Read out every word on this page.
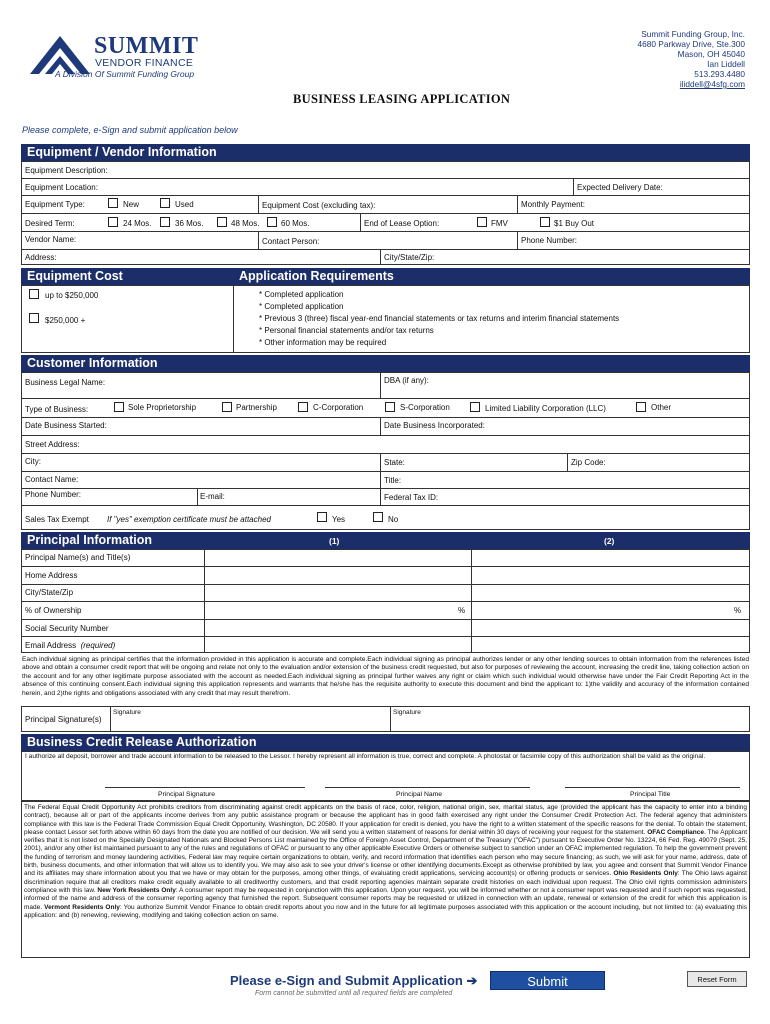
SUMMIT
VENDOR FINANCE
A Division Of Summit Funding Group
Summit Funding Group, Inc.
4680 Parkway Drive, Ste.300
Mason, OH 45040
Ian Liddell
513.293.4480
iliddell@4sfg.com
BUSINESS LEASING APPLICATION
Please complete, e-Sign and submit application below
Equipment / Vendor Information
Equipment Description:
Equipment Location:	Expected Delivery Date:
Equipment Type:	New	Used	Equipment Cost (excluding tax):	Monthly Payment:
Desired Term:	24 Mos.	36 Mos.	48 Mos.	60 Mos.	End of Lease Option:	FMV	$1 Buy Out
Vendor Name:	Contact Person:	Phone Number:
Address:	City/State/Zip:
Equipment Cost	Application Requirements
up to $250,000
$250,000 +
* Completed application
* Completed application
* Previous 3 (three) fiscal year-end financial statements or tax returns and interim financial statements
* Personal financial statements and/or tax returns
* Other information may be required
Customer Information
Business Legal Name:	DBA (if any):
Type of Business:	Sole Proprietorship	Partnership	C-Corporation	S-Corporation	Limited Liability Corporation (LLC)	Other
Date Business Started:	Date Business Incorporated:
Street Address:
City:	State:	Zip Code:
Contact Name:	Title:
Phone Number:	E-mail:	Federal Tax ID:
Sales Tax Exempt If "yes" exemption certificate must be attached	Yes	No
Principal Information	(1)	(2)
Principal Name(s) and Title(s)
Home Address
City/State/Zip
% of Ownership	%	%
Social Security Number
Email Address (required)
Each individual signing as principal certifies that the information provided in this application is accurate and complete.Each individual signing as principal authorizes lender or any other lending sources to obtain information from the references listed above and obtain a consumer credit report that will be ongoing and relate not only to the evaluation and/or extension of the business credit requested, but also for purposes of reviewing the account, increasing the credit line, taking collection action on the account and for any other legitimate purpose associated with the account as needed.Each individual signing as principal further waives any right or claim which such individual would otherwise have under the Fair Credit Reporting Act in the absence of this continuing consent.Each individual signing this application represents and warrants that he/she has the requisite authority to execute this document and bind the applicant to: 1)the validity and accuracy of the information contained herein, and 2)the rights and obligations associated with any credit that may result therefrom.
Principal Signature(s)
Signature	Signature
Business Credit Release Authorization
I authorize all deposit, borrower and trade account information to be released to the Lessor. I hereby represent all information is true, correct and complete. A photostat or facsimile copy of this authorization shall be valid as the original.
Principal Signature	Principal Name	Principal Title
The Federal Equal Credit Opportunity Act prohibits creditors from discriminating against credit applicants on the basis of race, color, religion, national origin, sex, marital status, age (provided the applicant has the capacity to enter into a binding contract), because all or part of the applicants income derives from any public assistance program or because the applicant has in good faith exercised any right under the Consumer Credit Protection Act. The federal agency that administers compliance with this law is the Federal Trade Commission Equal Credit Opportunity, Washington, DC 20580. If your application for credit is denied, you have the right to a written statement of the specific reasons for the denial. To obtain the statement, please contact Lessor set forth above within 60 days from the date you are notified of our decision. We will send you a written statement of reasons for denial within 30 days of receiving your request for the statement. OFAC Compliance. The Applicant verifies that it is not listed on the Specially Designated Nationals and Blocked Persons List maintained by the Office of Foreign Asset Control, Department of the Treasury ("OFAC") pursuant to Executive Order No. 13224, 66 Fed. Reg. 49079 (Sept. 25, 2001), and/or any other list maintained pursuant to any of the rules and regulations of OFAC or pursuant to any other applicable Executive Orders or otherwise subject to sanction under an OFAC implemented regulation. To help the government prevent the funding of terrorism and money laundering activities, Federal law may require certain organizations to obtain, verify, and record information that identifies each person who may secure financing; as such, we will ask for your name, address, date of birth, business documents, and other information that will allow us to identify you. We may also ask to see your driver's license or other identifying documents.Except as otherwise prohibited by law, you agree and consent that Summit Vendor Finance and its affiliates may share information about you that we have or may obtain for the purposes, among other things, of evaluating credit applications, servicing account(s) or offering products or services. Ohio Residents Only: The Ohio laws against discrimination require that all creditors make credit equally available to all creditworthy customers, and that credit reporting agencies maintain separate credit histories on each individual upon request. The Ohio civil rights commission administers compliance with this law. New York Residents Only: A consumer report may be requested in conjunction with this application. Upon your request, you will be informed whether or not a consumer report was requested and if such report was requested, informed of the name and address of the consumer reporting agency that furnished the report. Subsequent consumer reports may be requested or utilized in connection with an update, renewal or extension of the credit for which this application is made. Vermont Residents Only: You authorize Summit Vendor Finance to obtain credit reports about you now and in the future for all legitimate purposes associated with this application or the account including, but not limited to: (a) evaluating this application: and (b) renewing, reviewing, modifying and taking collection action on same.
Please e-Sign and Submit Application ➔
Form cannot be submitted until all required fields are completed
Submit	Reset Form
